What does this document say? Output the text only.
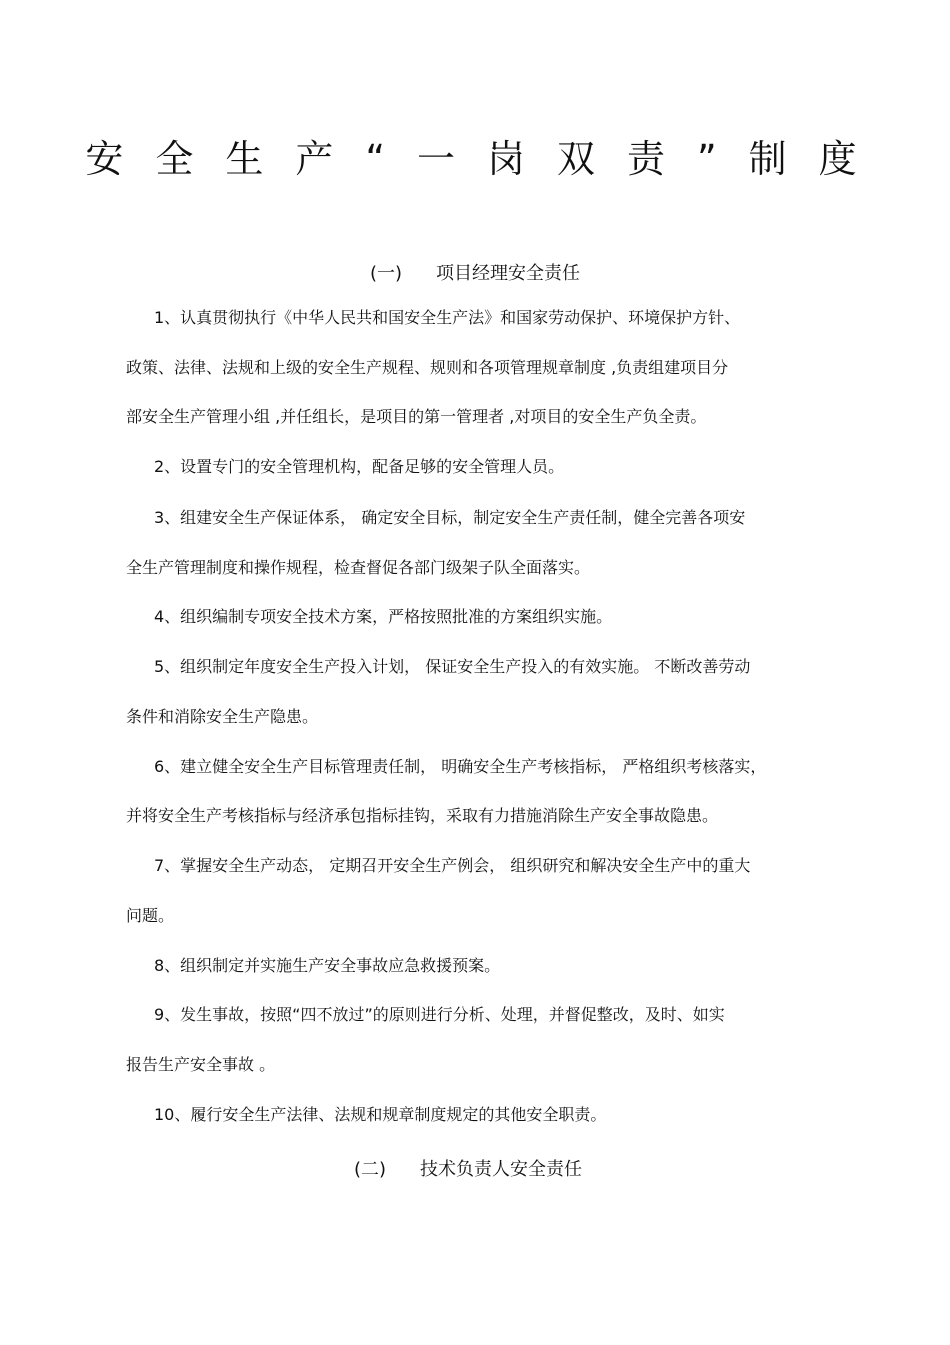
安全生产“一岗双责”制度
(一) 项目经理安全责任
1、认真贯彻执行《中华人民共和国安全生产法》和国家劳动保护、环境保护方针、
政策、法律、法规和上级的安全生产规程、规则和各项管理规章制度 ,负责组建项目分
部安全生产管理小组 ,并任组长，是项目的第一管理者 ,对项目的安全生产负全责。
2、设置专门的安全管理机构，配备足够的安全管理人员。
3、组建安全生产保证体系， 确定安全目标，制定安全生产责任制，健全完善各项安
全生产管理制度和操作规程，检查督促各部门级架子队全面落实。
4、组织编制专项安全技术方案，严格按照批准的方案组织实施。
5、组织制定年度安全生产投入计划， 保证安全生产投入的有效实施。 不断改善劳动
条件和消除安全生产隐患。
6、建立健全安全生产目标管理责任制， 明确安全生产考核指标， 严格组织考核落实，
并将安全生产考核指标与经济承包指标挂钩，采取有力措施消除生产安全事故隐患。
7、掌握安全生产动态， 定期召开安全生产例会， 组织研究和解决安全生产中的重大
问题。
8、组织制定并实施生产安全事故应急救援预案。
9、发生事故，按照“四不放过”的原则进行分析、处理，并督促整改，及时、如实
报告生产安全事故 。
10、履行安全生产法律、法规和规章制度规定的其他安全职责。
(二) 技术负责人安全责任
